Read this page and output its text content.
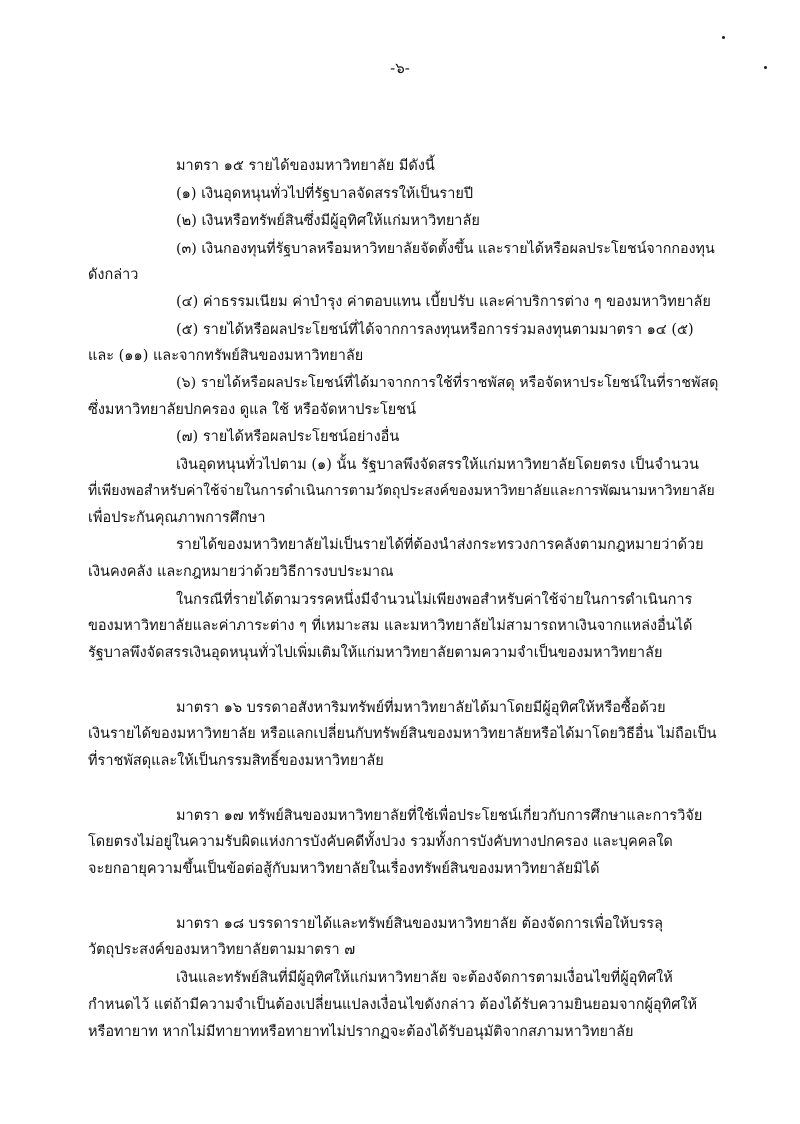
-๖-
มาตรา ๑๕ รายได้ของมหาวิทยาลัย มีดังนี้
(๑) เงินอุดหนุนทั่วไปที่รัฐบาลจัดสรรให้เป็นรายปี
(๒) เงินหรือทรัพย์สินซึ่งมีผู้อุทิศให้แก่มหาวิทยาลัย
(๓) เงินกองทุนที่รัฐบาลหรือมหาวิทยาลัยจัดตั้งขึ้น และรายได้หรือผลประโยชน์จากกองทุน
ดังกล่าว
(๔) ค่าธรรมเนียม ค่าบำรุง ค่าตอบแทน เบี้ยปรับ และค่าบริการต่าง ๆ ของมหาวิทยาลัย
(๕) รายได้หรือผลประโยชน์ที่ได้จากการลงทุนหรือการร่วมลงทุนตามมาตรา ๑๔ (๕)
และ (๑๑) และจากทรัพย์สินของมหาวิทยาลัย
(๖) รายได้หรือผลประโยชน์ที่ได้มาจากการใช้ที่ราชพัสดุ หรือจัดหาประโยชน์ในที่ราชพัสดุ
ซึ่งมหาวิทยาลัยปกครอง ดูแล ใช้ หรือจัดหาประโยชน์
(๗) รายได้หรือผลประโยชน์อย่างอื่น
เงินอุดหนุนทั่วไปตาม (๑) นั้น รัฐบาลพึงจัดสรรให้แก่มหาวิทยาลัยโดยตรง เป็นจำนวน
ที่เพียงพอสำหรับค่าใช้จ่ายในการดำเนินการตามวัตถุประสงค์ของมหาวิทยาลัยและการพัฒนามหาวิทยาลัย
เพื่อประกันคุณภาพการศึกษา
รายได้ของมหาวิทยาลัยไม่เป็นรายได้ที่ต้องนำส่งกระทรวงการคลังตามกฎหมายว่าด้วย
เงินคงคลัง และกฎหมายว่าด้วยวิธีการงบประมาณ
ในกรณีที่รายได้ตามวรรคหนึ่งมีจำนวนไม่เพียงพอสำหรับค่าใช้จ่ายในการดำเนินการ
ของมหาวิทยาลัยและค่าภาระต่าง ๆ ที่เหมาะสม และมหาวิทยาลัยไม่สามารถหาเงินจากแหล่งอื่นได้
รัฐบาลพึงจัดสรรเงินอุดหนุนทั่วไปเพิ่มเติมให้แก่มหาวิทยาลัยตามความจำเป็นของมหาวิทยาลัย
มาตรา ๑๖ บรรดาอสังหาริมทรัพย์ที่มหาวิทยาลัยได้มาโดยมีผู้อุทิศให้หรือซื้อด้วย
เงินรายได้ของมหาวิทยาลัย หรือแลกเปลี่ยนกับทรัพย์สินของมหาวิทยาลัยหรือได้มาโดยวิธีอื่น ไม่ถือเป็น
ที่ราชพัสดุและให้เป็นกรรมสิทธิ์ของมหาวิทยาลัย
มาตรา ๑๗ ทรัพย์สินของมหาวิทยาลัยที่ใช้เพื่อประโยชน์เกี่ยวกับการศึกษาและการวิจัย
โดยตรงไม่อยู่ในความรับผิดแห่งการบังคับคดีทั้งปวง รวมทั้งการบังคับทางปกครอง และบุคคลใด
จะยกอายุความขึ้นเป็นข้อต่อสู้กับมหาวิทยาลัยในเรื่องทรัพย์สินของมหาวิทยาลัยมิได้
มาตรา ๑๘ บรรดารายได้และทรัพย์สินของมหาวิทยาลัย ต้องจัดการเพื่อให้บรรลุ
วัตถุประสงค์ของมหาวิทยาลัยตามมาตรา ๗
เงินและทรัพย์สินที่มีผู้อุทิศให้แก่มหาวิทยาลัย จะต้องจัดการตามเงื่อนไขที่ผู้อุทิศให้
กำหนดไว้ แต่ถ้ามีความจำเป็นต้องเปลี่ยนแปลงเงื่อนไขดังกล่าว ต้องได้รับความยินยอมจากผู้อุทิศให้
หรือทายาท หากไม่มีทายาทหรือทายาทไม่ปรากฏจะต้องได้รับอนุมัติจากสภามหาวิทยาลัย
